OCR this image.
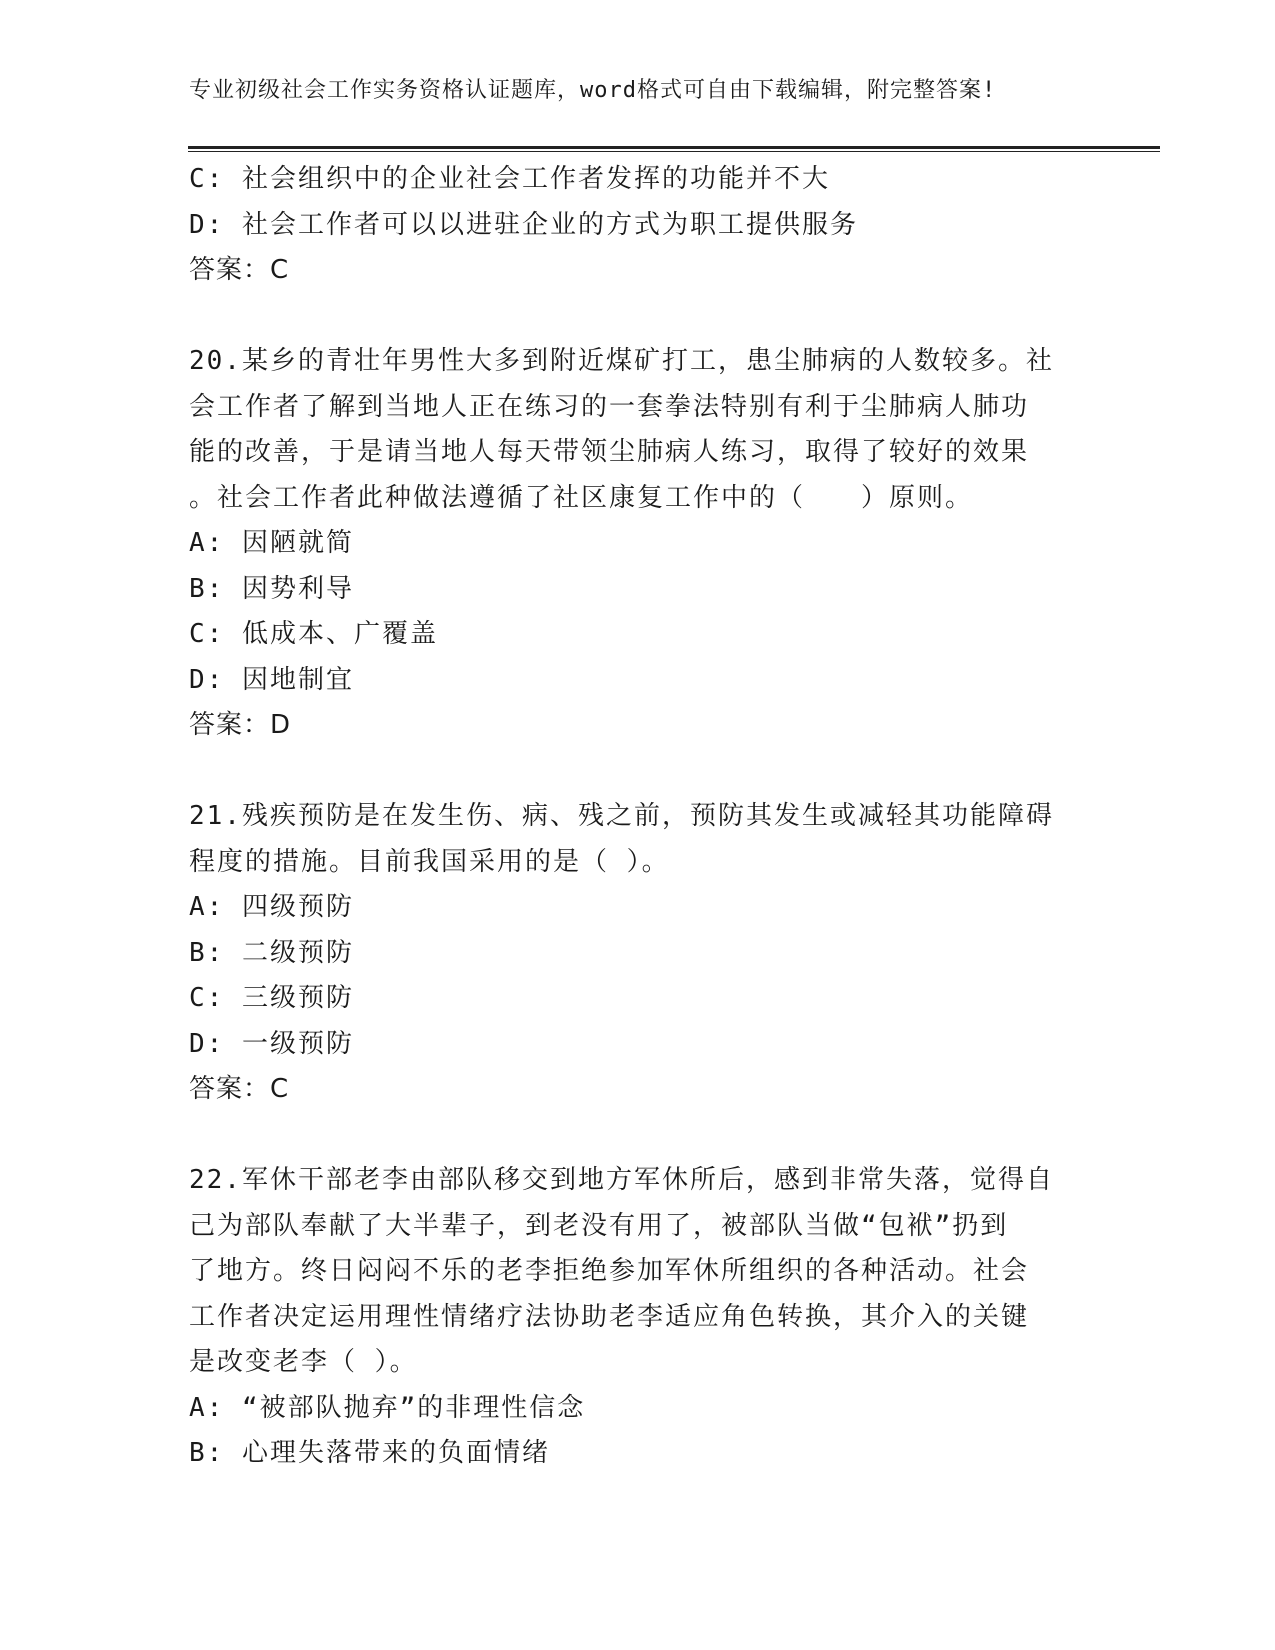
专业初级社会工作实务资格认证题库，word格式可自由下载编辑，附完整答案!
C: 社会组织中的企业社会工作者发挥的功能并不大
D: 社会工作者可以以进驻企业的方式为职工提供服务
答案：C
20.某乡的青壮年男性大多到附近煤矿打工，患尘肺病的人数较多。社
会工作者了解到当地人正在练习的一套拳法特别有利于尘肺病人肺功
能的改善，于是请当地人每天带领尘肺病人练习，取得了较好的效果
。社会工作者此种做法遵循了社区康复工作中的（　　）原则。
A: 因陋就简
B: 因势利导
C: 低成本、广覆盖
D: 因地制宜
答案：D
21.残疾预防是在发生伤、病、残之前，预防其发生或减轻其功能障碍
程度的措施。目前我国采用的是（ ）。
A: 四级预防
B: 二级预防
C: 三级预防
D: 一级预防
答案：C
22.军休干部老李由部队移交到地方军休所后，感到非常失落，觉得自
己为部队奉献了大半辈子，到老没有用了，被部队当做“包袱”扔到
了地方。终日闷闷不乐的老李拒绝参加军休所组织的各种活动。社会
工作者决定运用理性情绪疗法协助老李适应角色转换，其介入的关键
是改变老李（ ）。
A: “被部队抛弃”的非理性信念
B: 心理失落带来的负面情绪
